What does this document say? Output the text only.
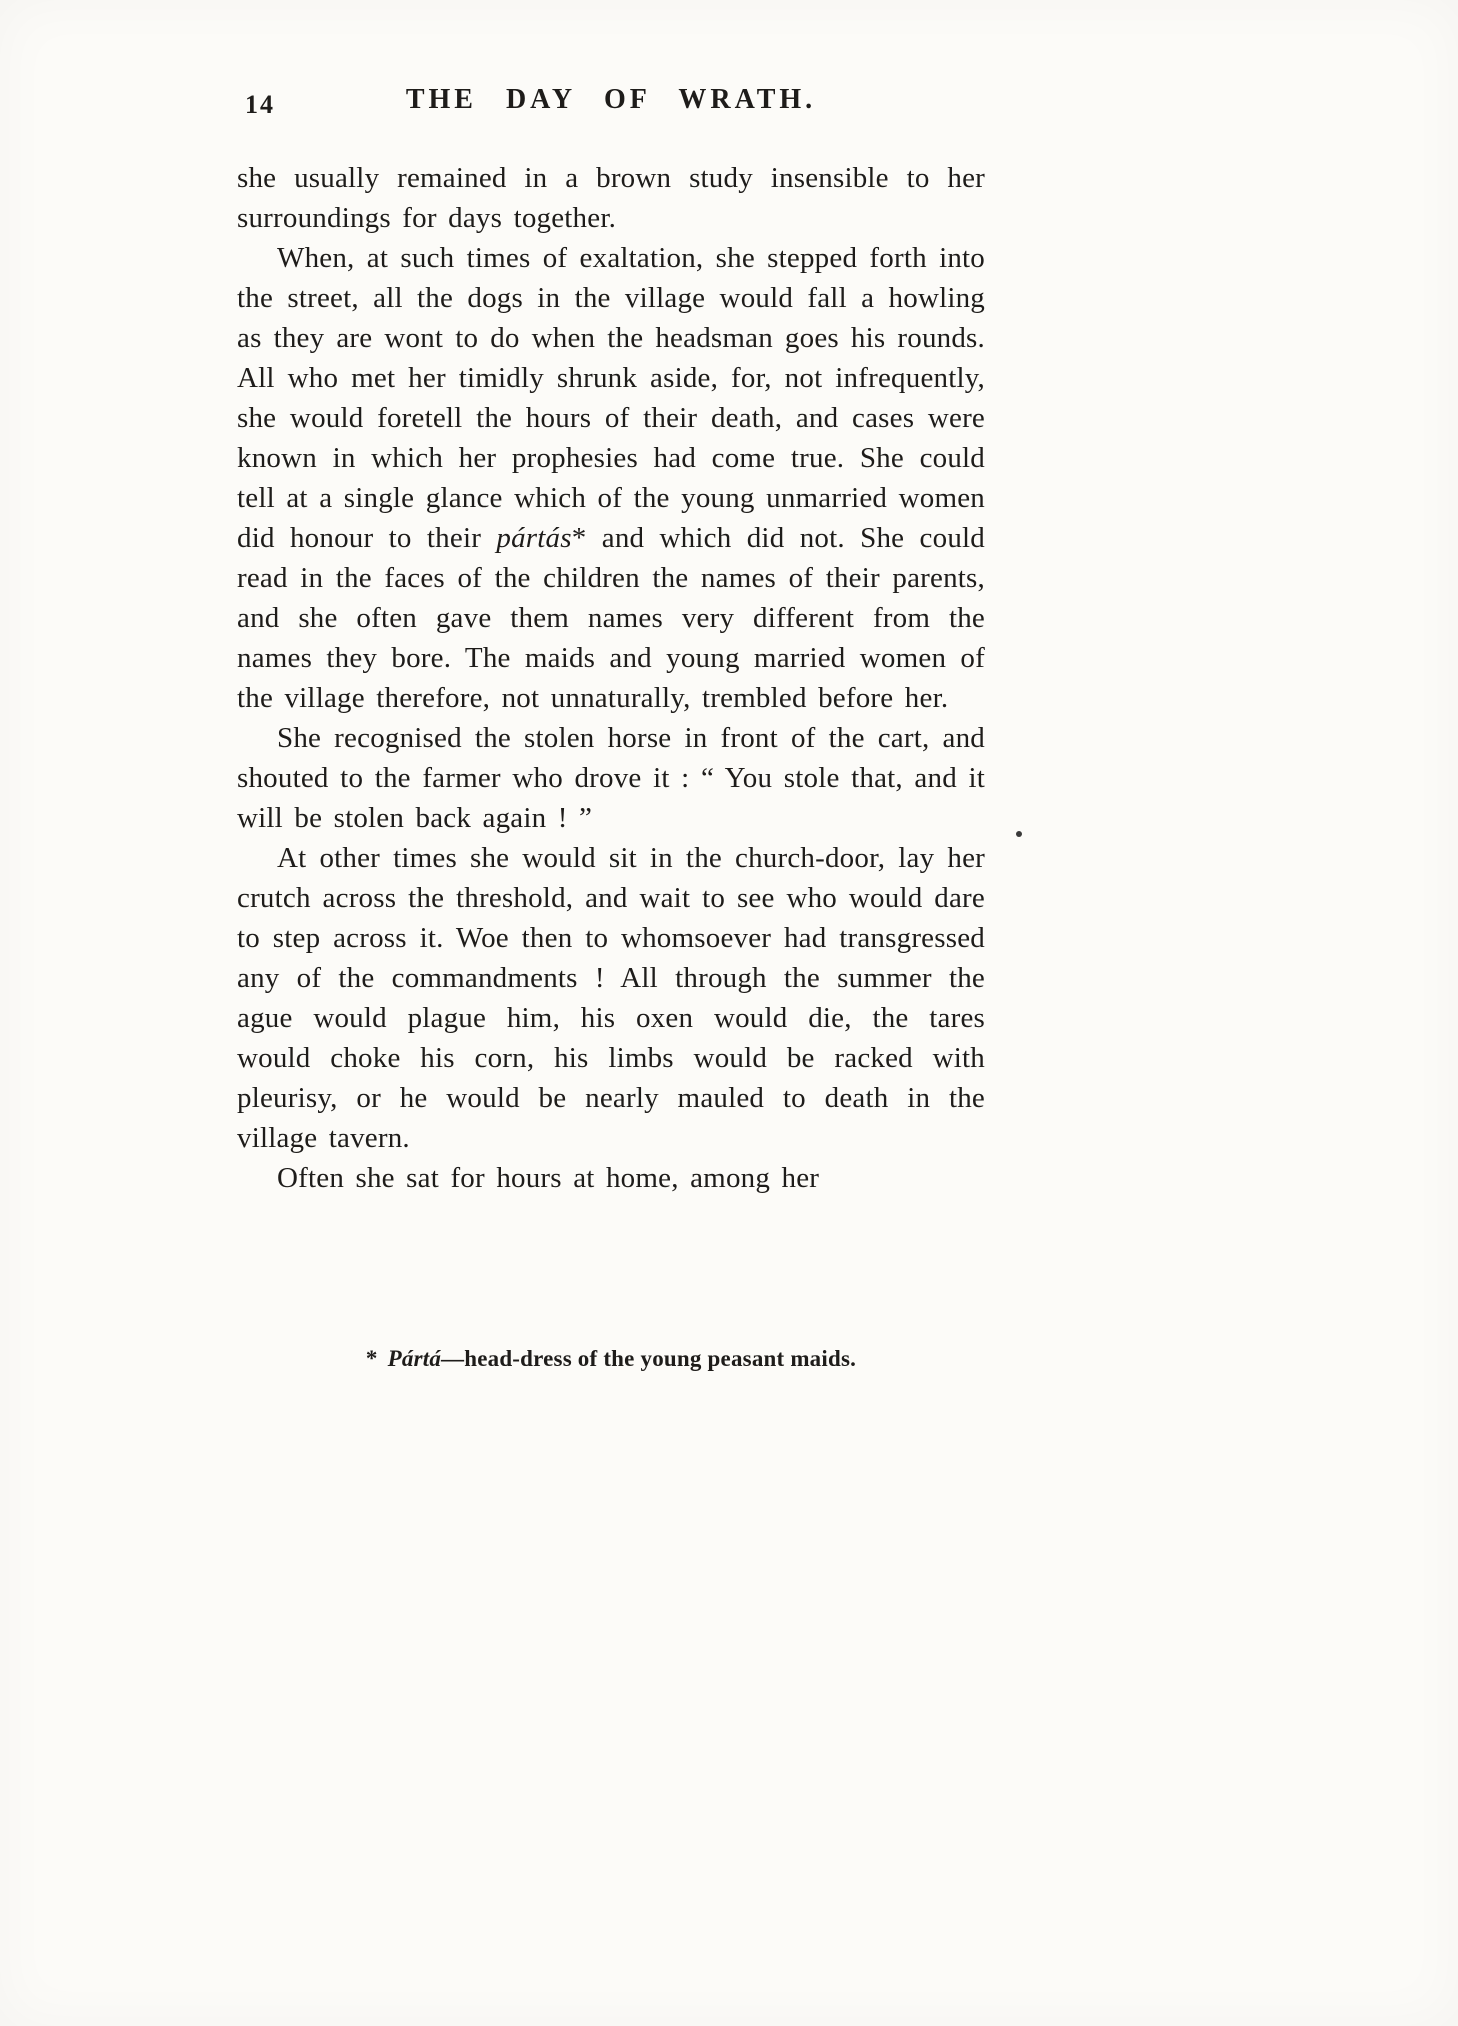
14	THE DAY OF WRATH.

she usually remained in a brown study insensible to her surroundings for days together.

When, at such times of exaltation, she stepped forth into the street, all the dogs in the village would fall a howling as they are wont to do when the headsman goes his rounds. All who met her timidly shrunk aside, for, not infrequently, she would foretell the hours of their death, and cases were known in which her prophesies had come true. She could tell at a single glance which of the young unmarried women did honour to their pártás* and which did not. She could read in the faces of the children the names of their parents, and she often gave them names very different from the names they bore. The maids and young married women of the village therefore, not unnaturally, trembled before her.

She recognised the stolen horse in front of the cart, and shouted to the farmer who drove it : “ You stole that, and it will be stolen back again ! ”

At other times she would sit in the church-door, lay her crutch across the threshold, and wait to see who would dare to step across it. Woe then to whomsoever had transgressed any of the commandments ! All through the summer the ague would plague him, his oxen would die, the tares would choke his corn, his limbs would be racked with pleurisy, or he would be nearly mauled to death in the village tavern.

Often she sat for hours at home, among her

* Pártá—head-dress of the young peasant maids.
